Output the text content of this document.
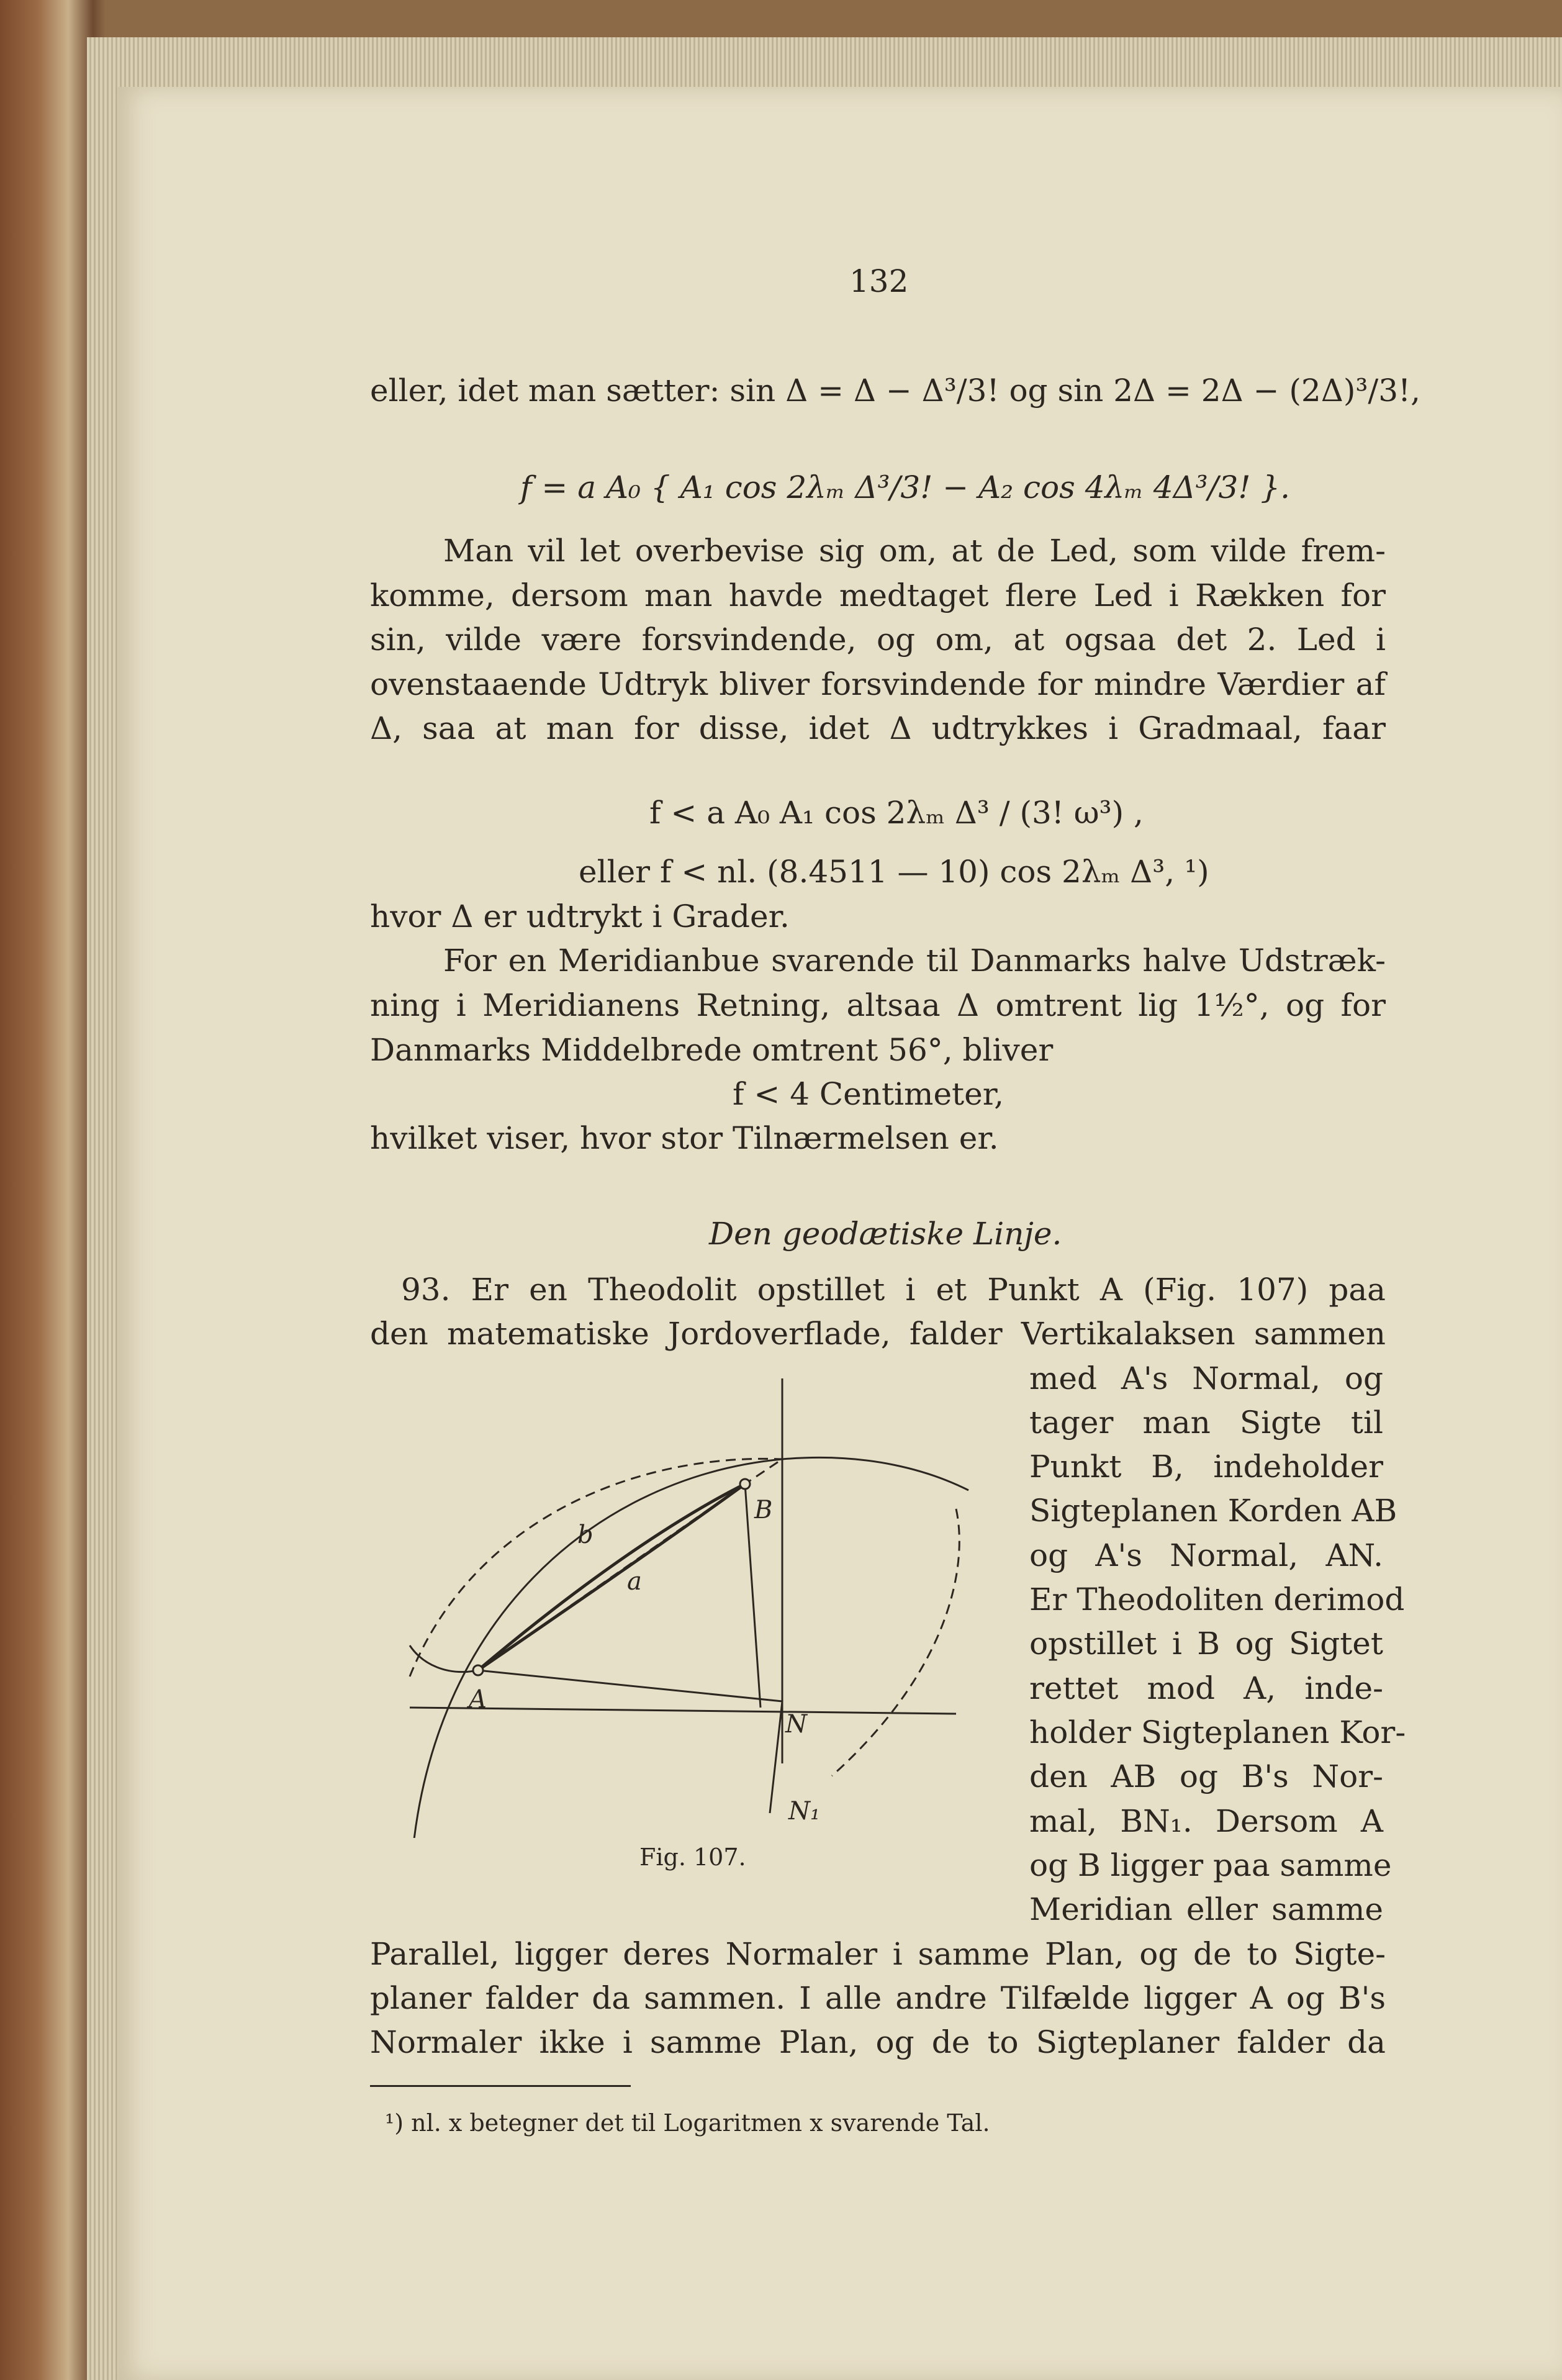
132
eller, idet man sætter: sin Δ = Δ − Δ³/3! og sin 2Δ = 2Δ − (2Δ)³/3!,
f = a A₀ { A₁ cos 2λₘ Δ³/3! − A₂ cos 4λₘ 4Δ³/3! }.
Man vil let overbevise sig om, at de Led, som vilde frem-
komme, dersom man havde medtaget flere Led i Rækken for
sin, vilde være forsvindende, og om, at ogsaa det 2. Led i
ovenstaaende Udtryk bliver forsvindende for mindre Værdier af
Δ, saa at man for disse, idet Δ udtrykkes i Gradmaal, faar
f < a A₀ A₁ cos 2λₘ Δ³ / (3! ω³) ,
eller f < nl. (8.4511 — 10) cos 2λₘ Δ³, ¹)
hvor Δ er udtrykt i Grader.
For en Meridianbue svarende til Danmarks halve Udstræk-
ning i Meridianens Retning, altsaa Δ omtrent lig 1½°, og for
Danmarks Middelbrede omtrent 56°, bliver
f < 4 Centimeter,
hvilket viser, hvor stor Tilnærmelsen er.
Den geodætiske Linje.
93. Er en Theodolit opstillet i et Punkt A (Fig. 107) paa
den matematiske Jordoverflade, falder Vertikalaksen sammen
med A's Normal, og
tager man Sigte til
Punkt B, indeholder
Sigteplanen Korden AB
og A's Normal, AN.
Er Theodoliten derimod
opstillet i B og Sigtet
rettet mod A, inde-
holder Sigteplanen Kor-
den AB og B's Nor-
mal, BN₁. Dersom A
og B ligger paa samme
Meridian eller samme
Parallel, ligger deres Normaler i samme Plan, og de to Sigte-
planer falder da sammen. I alle andre Tilfælde ligger A og B's
Normaler ikke i samme Plan, og de to Sigteplaner falder da
A
B
a
b
N
N₁
Fig. 107.
¹) nl. x betegner det til Logaritmen x svarende Tal.
